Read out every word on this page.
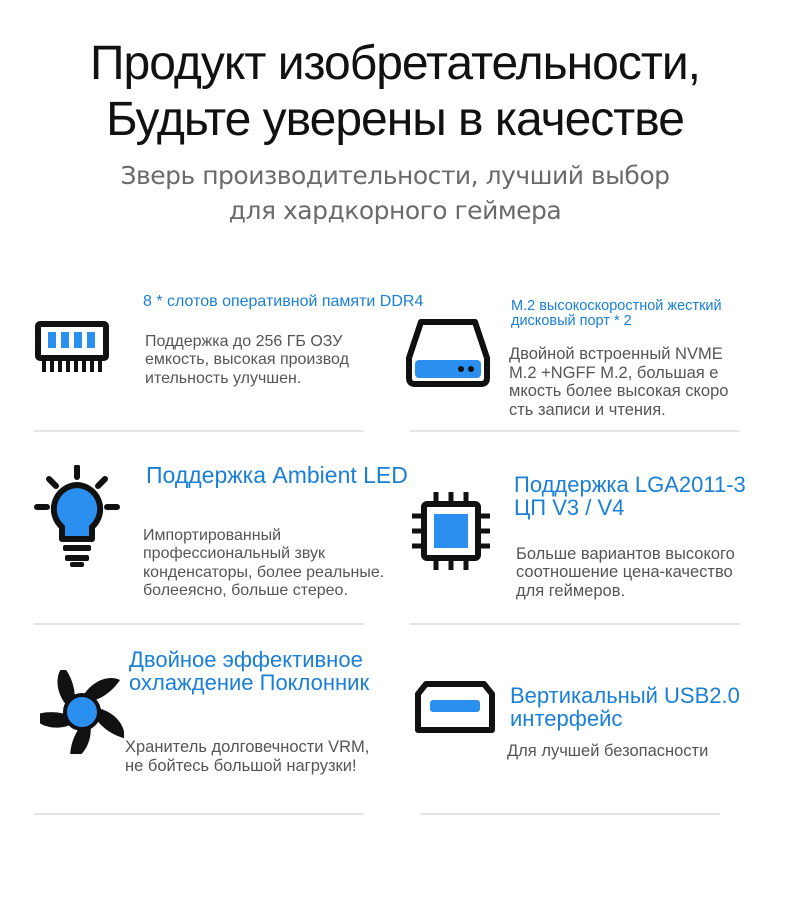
Продукт изобретательности,
Будьте уверены в качестве
Зверь производительности, лучший выбор
для хардкорного геймера
8 * слотов оперативной памяти DDR4
Поддержка до 256 ГБ ОЗУ
емкость, высокая производ
ительность улучшен.
M.2 высокоскоростной жесткий
дисковый порт * 2
Двойной встроенный NVME
M.2 +NGFF M.2, большая е
мкость более высокая скоро
сть записи и чтения.
Поддержка Ambient LED
Импортированный
профессиональный звук
конденсаторы, более реальные.
болееясно, больше стерео.
Поддержка LGA2011-3
ЦП V3 / V4
Больше вариантов высокого
соотношение цена-качество
для геймеров.
Двойное эффективное
охлаждение Поклонник
Хранитель долговечности VRM,
не бойтесь большой нагрузки!
Вертикальный USB2.0
интерфейс
Для лучшей безопасности
